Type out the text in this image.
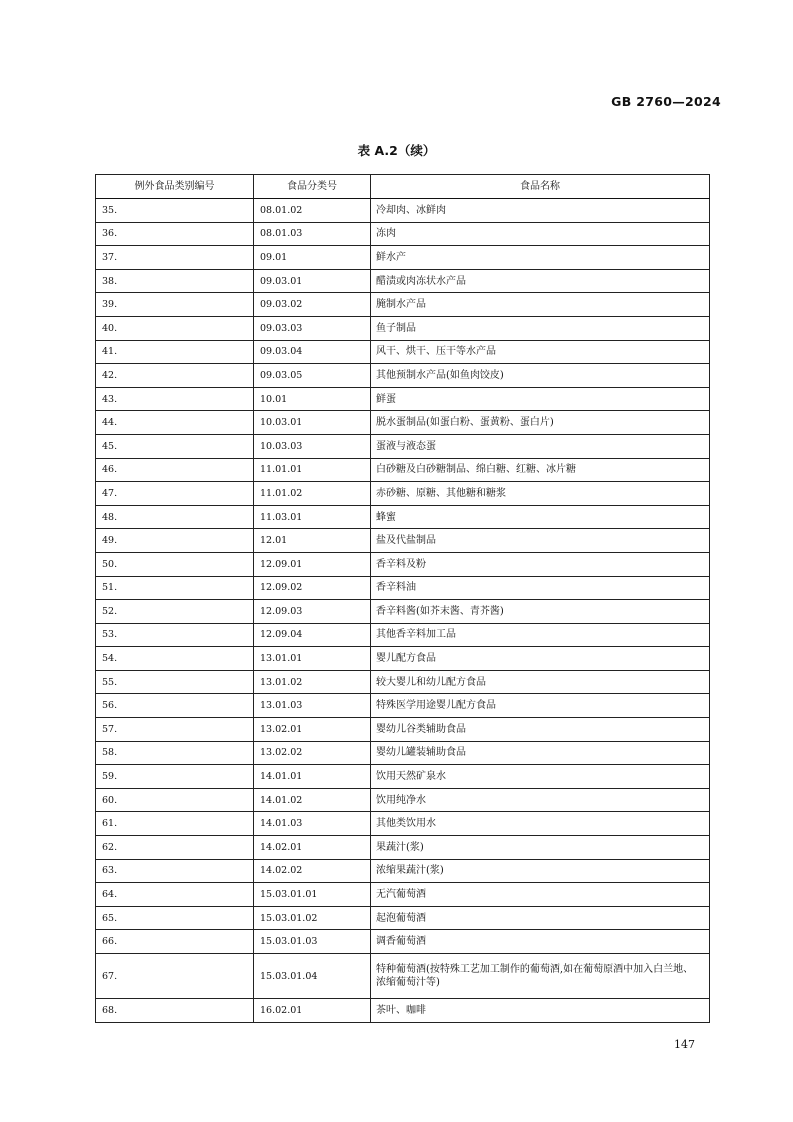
GB 2760—2024
表 A.2（续）
例外食品类别编号	食品分类号	食品名称
35.	08.01.02	冷却肉、冰鲜肉
36.	08.01.03	冻肉
37.	09.01	鲜水产
38.	09.03.01	醋渍或肉冻状水产品
39.	09.03.02	腌制水产品
40.	09.03.03	鱼子制品
41.	09.03.04	风干、烘干、压干等水产品
42.	09.03.05	其他预制水产品(如鱼肉饺皮)
43.	10.01	鲜蛋
44.	10.03.01	脱水蛋制品(如蛋白粉、蛋黄粉、蛋白片)
45.	10.03.03	蛋液与液态蛋
46.	11.01.01	白砂糖及白砂糖制品、绵白糖、红糖、冰片糖
47.	11.01.02	赤砂糖、原糖、其他糖和糖浆
48.	11.03.01	蜂蜜
49.	12.01	盐及代盐制品
50.	12.09.01	香辛料及粉
51.	12.09.02	香辛料油
52.	12.09.03	香辛料酱(如芥末酱、青芥酱)
53.	12.09.04	其他香辛料加工品
54.	13.01.01	婴儿配方食品
55.	13.01.02	较大婴儿和幼儿配方食品
56.	13.01.03	特殊医学用途婴儿配方食品
57.	13.02.01	婴幼儿谷类辅助食品
58.	13.02.02	婴幼儿罐装辅助食品
59.	14.01.01	饮用天然矿泉水
60.	14.01.02	饮用纯净水
61.	14.01.03	其他类饮用水
62.	14.02.01	果蔬汁(浆)
63.	14.02.02	浓缩果蔬汁(浆)
64.	15.03.01.01	无汽葡萄酒
65.	15.03.01.02	起泡葡萄酒
66.	15.03.01.03	调香葡萄酒
67.	15.03.01.04	特种葡萄酒(按特殊工艺加工制作的葡萄酒,如在葡萄原酒中加入白兰地、浓缩葡萄汁等)
68.	16.02.01	茶叶、咖啡
147
